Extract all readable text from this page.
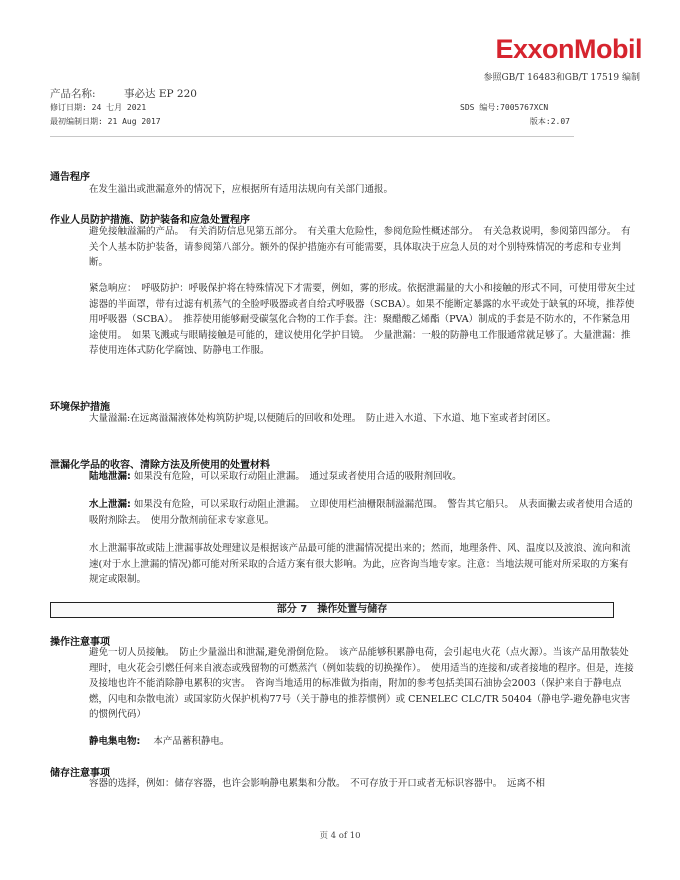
ExxonMobil
参照GB/T 16483和GB/T 17519 编制
产品名称:	事必达 EP 220
修订日期: 24 七月 2021	SDS 编号:7005767XCN
最初编制日期: 21 Aug 2017	版本:2.07
通告程序
在发生溢出或泄漏意外的情况下，应根据所有适用法规向有关部门通报。
作业人员防护措施、防护装备和应急处置程序
避免接触溢漏的产品。　有关消防信息见第五部分。　有关重大危险性，参阅危险性概述部分。　有关急救说明，参阅第四部分。　有关个人基本防护装备，请参阅第八部分。额外的保护措施亦有可能需要，具体取决于应急人员的对个别特殊情况的考虑和专业判断。
紧急响应：　呼吸防护：呼吸保护将在特殊情况下才需要，例如，雾的形成。依据泄漏量的大小和接触的形式不同，可使用带灰尘过滤器的半面罩，带有过滤有机蒸气的全脸呼吸器或者自给式呼吸器（SCBA）。如果不能断定暴露的水平或处于缺氧的环境，推荐使用呼吸器（SCBA）。　推荐使用能够耐受碳氢化合物的工作手套。注：聚醋酸乙烯酯（PVA）制成的手套是不防水的，不作紧急用途使用。　如果飞溅或与眼睛接触是可能的，建议使用化学护目镜。　少量泄漏：一般的防静电工作服通常就足够了。大量泄漏：推荐使用连体式防化学腐蚀、防静电工作服。
环境保护措施
大量溢漏:在远离溢漏液体处构筑防护堤,以便随后的回收和处理。　防止进入水道、下水道、地下室或者封闭区。
泄漏化学品的收容、清除方法及所使用的处置材料
陆地泄漏: 如果没有危险，可以采取行动阻止泄漏。　通过泵或者使用合适的吸附剂回收。
水上泄漏: 如果没有危险，可以采取行动阻止泄漏。　立即使用栏油栅限制溢漏范围。　警告其它船只。　从表面撇去或者使用合适的吸附剂除去。　使用分散剂前征求专家意见。
水上泄漏事故或陆上泄漏事故处理建议是根据该产品最可能的泄漏情况提出来的；然而，地理条件、风、温度以及波浪、流向和流速(对于水上泄漏的情况)都可能对所采取的合适方案有很大影响。为此，应咨询当地专家。注意：当地法规可能对所采取的方案有规定或限制。
部分 7　操作处置与储存
操作注意事项
避免一切人员接触。　防止少量溢出和泄漏,避免滑倒危险。　该产品能够积累静电荷，会引起电火花（点火源）。当该产品用散装处理时，电火花会引燃任何来自液态或残留物的可燃蒸汽（例如装载的切换操作）。　使用适当的连接和/或者接地的程序。但是，连接及接地也许不能消除静电累积的灾害。　咨询当地适用的标准做为指南，附加的参考包括美国石油协会2003（保护来自于静电点燃，闪电和杂散电流）或国家防火保护机构77号（关于静电的推荐惯例）或 CENELEC CLC/TR 50404（静电学-避免静电灾害的惯例代码）
静电集电物: 本产品蓄积静电。
储存注意事项
容器的选择，例如：储存容器，也许会影响静电累集和分散。　不可存放于开口或者无标识容器中。　远离不相
页 4 of 10
